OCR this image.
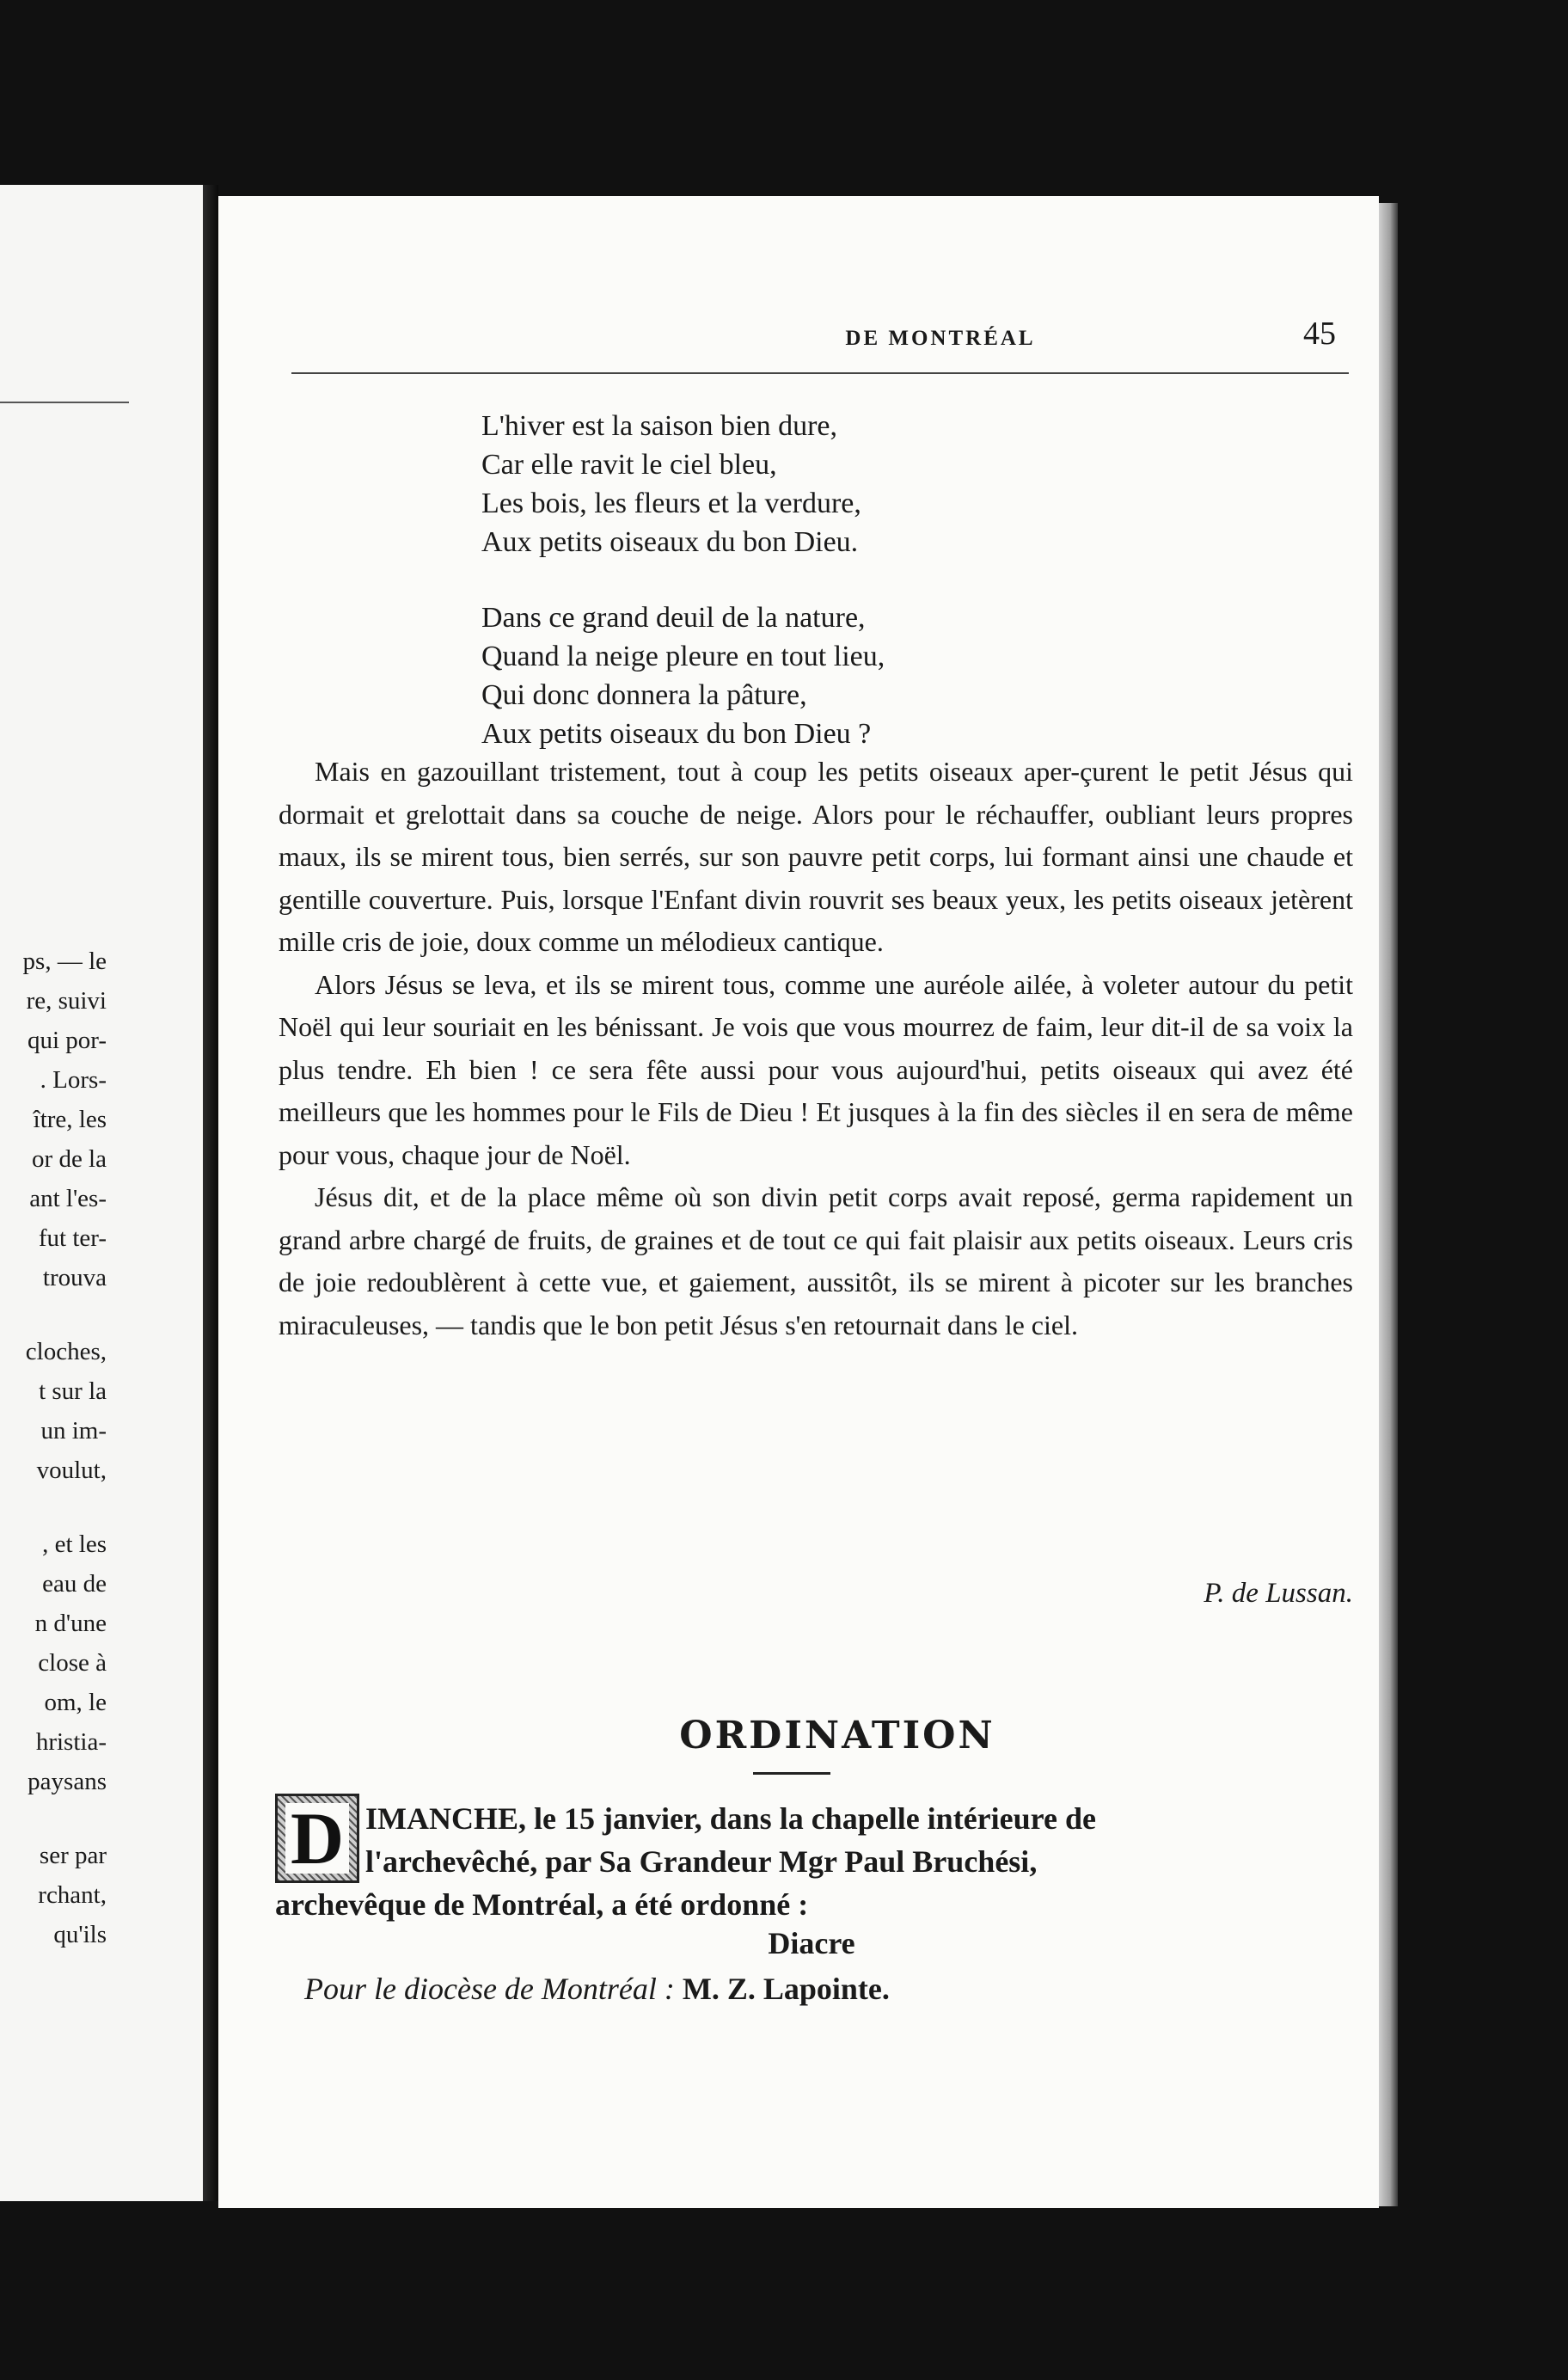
ps, — le
re, suivi
qui por-
. Lors-
ître, les
or de la
ant l'es-
fut ter-
trouva
cloches,
t sur la
un im-
voulut,
, et les
eau de
n d'une
close à
om, le
hristia-
paysans
ser par
rchant,
qu'ils
DE MONTRÉAL	45
L'hiver est la saison bien dure,
Car elle ravit le ciel bleu,
Les bois, les fleurs et la verdure,
Aux petits oiseaux du bon Dieu.
Dans ce grand deuil de la nature,
Quand la neige pleure en tout lieu,
Qui donc donnera la pâture,
Aux petits oiseaux du bon Dieu ?

Mais en gazouillant tristement, tout à coup les petits oiseaux aper-çurent le petit Jésus qui dormait et grelottait dans sa couche de neige. Alors pour le réchauffer, oubliant leurs propres maux, ils se mirent tous, bien serrés, sur son pauvre petit corps, lui formant ainsi une chaude et gentille couverture. Puis, lorsque l'Enfant divin rouvrit ses beaux yeux, les petits oiseaux jetèrent mille cris de joie, doux comme un mélodieux cantique.

Alors Jésus se leva, et ils se mirent tous, comme une auréole ailée, à voleter autour du petit Noël qui leur souriait en les bénissant. Je vois que vous mourrez de faim, leur dit-il de sa voix la plus tendre. Eh bien ! ce sera fête aussi pour vous aujourd'hui, petits oiseaux qui avez été meilleurs que les hommes pour le Fils de Dieu ! Et jusques à la fin des siècles il en sera de même pour vous, chaque jour de Noël.

Jésus dit, et de la place même où son divin petit corps avait reposé, germa rapidement un grand arbre chargé de fruits, de graines et de tout ce qui fait plaisir aux petits oiseaux. Leurs cris de joie redoublèrent à cette vue, et gaiement, aussitôt, ils se mirent à picoter sur les branches miraculeuses, — tandis que le bon petit Jésus s'en retournait dans le ciel.

P. de Lussan.
ORDINATION
IMANCHE, le 15 janvier, dans la chapelle intérieure de
l'archevêché, par Sa Grandeur Mgr Paul Bruchési,
archevêque de Montréal, a été ordonné :
D
Diacre
Pour le diocèse de Montréal : M. Z. Lapointe.
